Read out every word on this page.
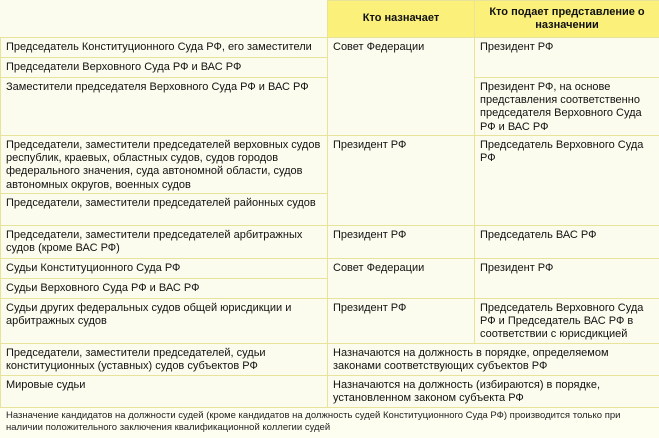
	Кто назначает	Кто подает представление о назначении
Председатель Конституционного Суда РФ, его заместители	Совет Федерации	Президент РФ
Председатели Верховного Суда РФ и ВАС РФ		
Заместители председателя Верховного Суда РФ и ВАС РФ		Президент РФ, на основе представления соответственно председателя Верховного Суда РФ и ВАС РФ
Председатели, заместители председателей верховных судов республик, краевых, областных судов, судов городов федерального значения, суда автономной области, судов автономных округов, военных судов	Президент РФ	Председатель Верховного Суда РФ
Председатели, заместители председателей районных судов		
Председатели, заместители председателей арбитражных судов (кроме ВАС РФ)	Президент РФ	Председатель ВАС РФ
Судьи Конституционного Суда РФ	Совет Федерации	Президент РФ
Судьи Верховного Суда РФ и ВАС РФ		
Судьи других федеральных судов общей юрисдикции и арбитражных судов	Президент РФ	Председатель Верховного Суда РФ и Председатель ВАС РФ в соответствии с юрисдикцией
Председатели, заместители председателей, судьи конституционных (уставных) судов субъектов РФ	Назначаются на должность в порядке, определяемом законами соответствующих субъектов РФ	
Мировые судьи	Назначаются на должность (избираются) в порядке, установленном законом субъекта РФ	
Назначение кандидатов на должности судей (кроме кандидатов на должность судей Конституционного Суда РФ) производится только при наличии положительного заключения квалификационной коллегии судей
